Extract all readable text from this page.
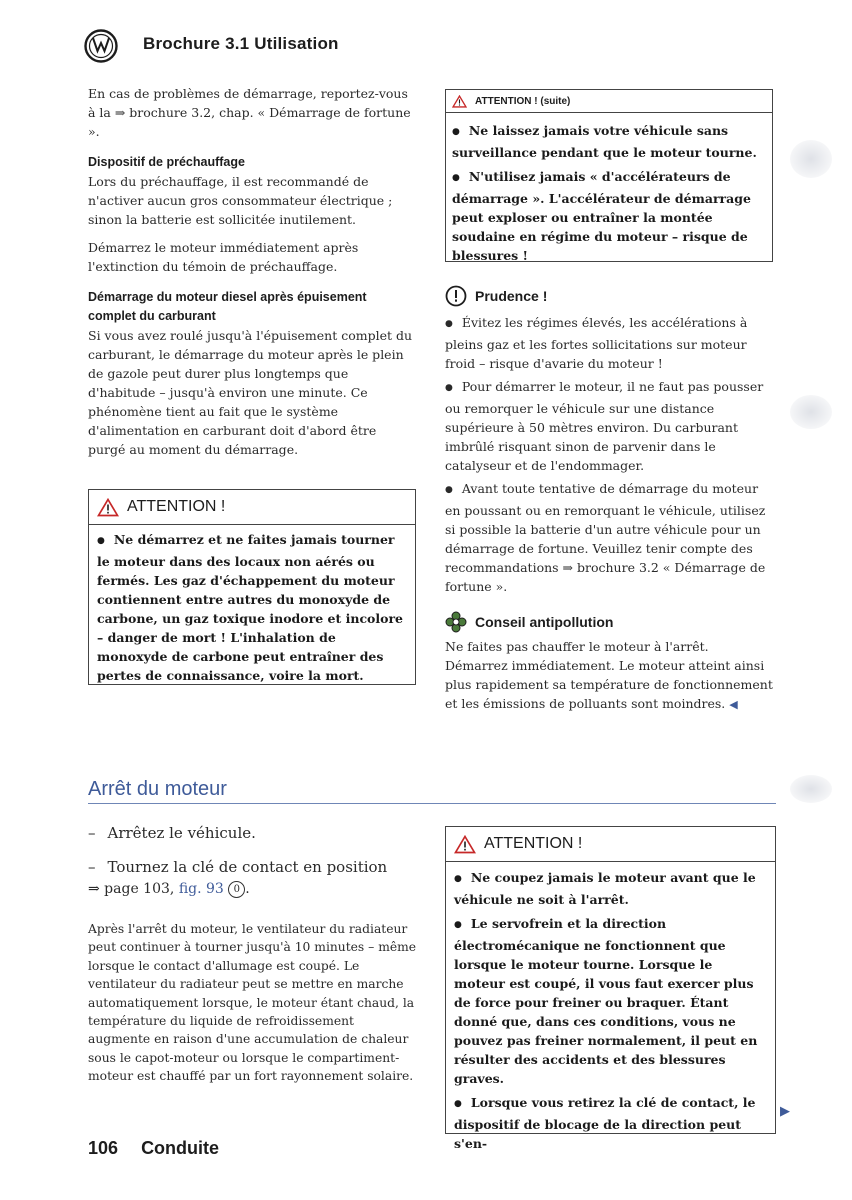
Brochure 3.1 Utilisation

En cas de problèmes de démarrage, reportez-vous à la ⇒ brochure 3.2, chap. « Démarrage de fortune ».

Dispositif de préchauffage

Lors du préchauffage, il est recommandé de n'activer aucun gros consommateur électrique ; sinon la batterie est sollicitée inutilement.

Démarrez le moteur immédiatement après l'extinction du témoin de préchauffage.

Démarrage du moteur diesel après épuisement complet du carburant

Si vous avez roulé jusqu'à l'épuisement complet du carburant, le démarrage du moteur après le plein de gazole peut durer plus longtemps que d'habitude – jusqu'à environ une minute. Ce phénomène tient au fait que le système d'alimentation en carburant doit d'abord être purgé au moment du démarrage.

ATTENTION !

● Ne démarrez et ne faites jamais tourner le moteur dans des locaux non aérés ou fermés. Les gaz d'échappement du moteur contiennent entre autres du monoxyde de carbone, un gaz toxique inodore et incolore – danger de mort ! L'inhalation de monoxyde de carbone peut entraîner des pertes de connaissance, voire la mort.

ATTENTION ! (suite)

● Ne laissez jamais votre véhicule sans surveillance pendant que le moteur tourne.

● N'utilisez jamais « d'accélérateurs de démarrage ». L'accélérateur de démarrage peut exploser ou entraîner la montée soudaine en régime du moteur – risque de blessures !

Prudence !

● Évitez les régimes élevés, les accélérations à pleins gaz et les fortes sollicitations sur moteur froid – risque d'avarie du moteur !

● Pour démarrer le moteur, il ne faut pas pousser ou remorquer le véhicule sur une distance supérieure à 50 mètres environ. Du carburant imbrûlé risquant sinon de parvenir dans le catalyseur et de l'endommager.

● Avant toute tentative de démarrage du moteur en poussant ou en remorquant le véhicule, utilisez si possible la batterie d'un autre véhicule pour un démarrage de fortune. Veuillez tenir compte des recommandations ⇒ brochure 3.2 « Démarrage de fortune ».

Conseil antipollution

Ne faites pas chauffer le moteur à l'arrêt. Démarrez immédiatement. Le moteur atteint ainsi plus rapidement sa température de fonctionnement et les émissions de polluants sont moindres. ◀

Arrêt du moteur

– Arrêtez le véhicule.

– Tournez la clé de contact en position

⇒ page 103, fig. 93 0 .

Après l'arrêt du moteur, le ventilateur du radiateur peut continuer à tourner jusqu'à 10 minutes – même lorsque le contact d'allumage est coupé. Le ventilateur du radiateur peut se mettre en marche automatiquement lorsque, le moteur étant chaud, la température du liquide de refroidissement augmente en raison d'une accumulation de chaleur sous le capot-moteur ou lorsque le compartiment-moteur est chauffé par un fort rayonnement solaire.
ATTENTION !

● Ne coupez jamais le moteur avant que le véhicule ne soit à l'arrêt.

● Le servofrein et la direction électromécanique ne fonctionnent que lorsque le moteur tourne. Lorsque le moteur est coupé, il vous faut exercer plus de force pour freiner ou braquer. Étant donné que, dans ces conditions, vous ne pouvez pas freiner normalement, il peut en résulter des accidents et des blessures graves.

● Lorsque vous retirez la clé de contact, le dispositif de blocage de la direction peut s'en-

▶
106 Conduite
